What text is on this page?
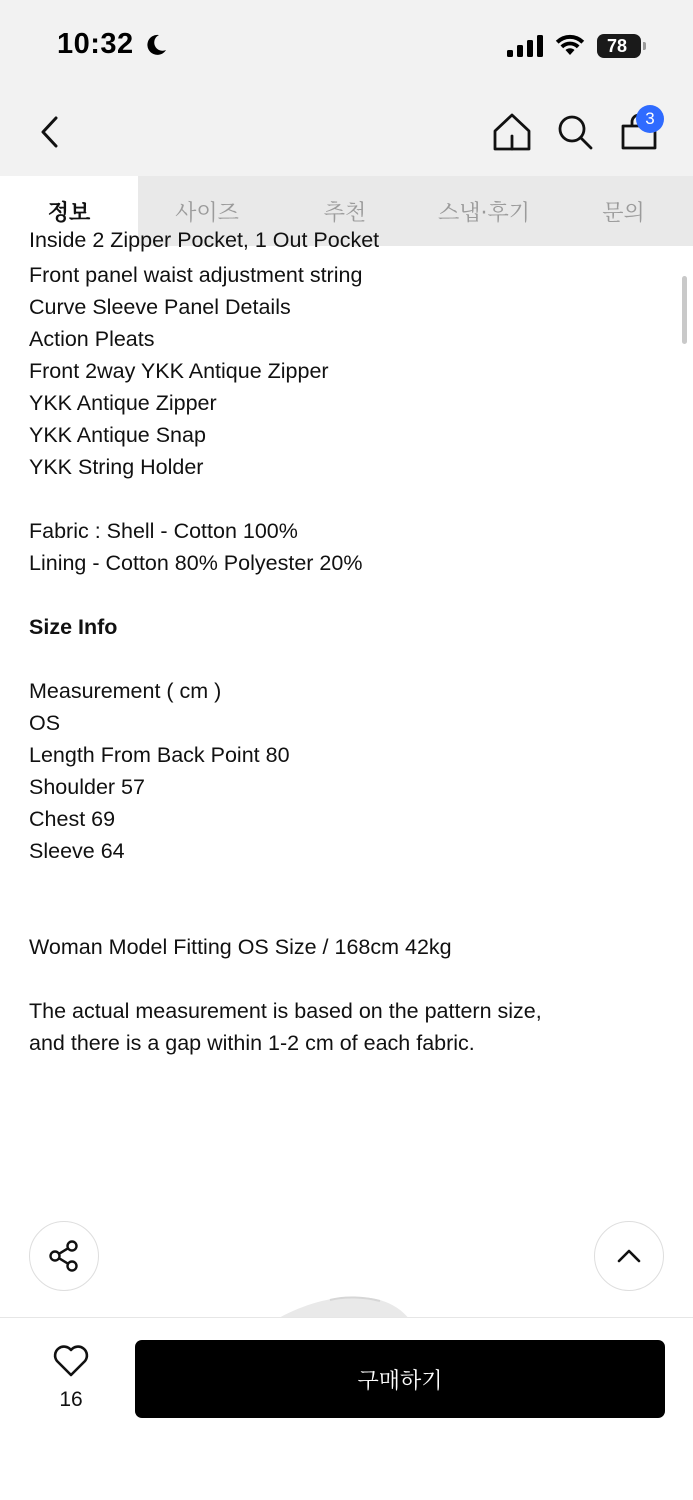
10:32	78
3
정보	사이즈	추천	스냅·후기	문의
Inside 2 Zipper Pocket, 1 Out Pocket
Front panel waist adjustment string
Curve Sleeve Panel Details
Action Pleats
Front 2way YKK Antique Zipper
YKK Antique Zipper
YKK Antique Snap
YKK String Holder
Fabric : Shell - Cotton 100%
Lining - Cotton 80% Polyester 20%
Size Info
Measurement ( cm )
OS
Length From Back Point 80
Shoulder 57
Chest 69
Sleeve 64
Woman Model Fitting OS Size / 168cm 42kg
The actual measurement is based on the pattern size,
and there is a gap within 1-2 cm of each fabric.
16
구매하기
